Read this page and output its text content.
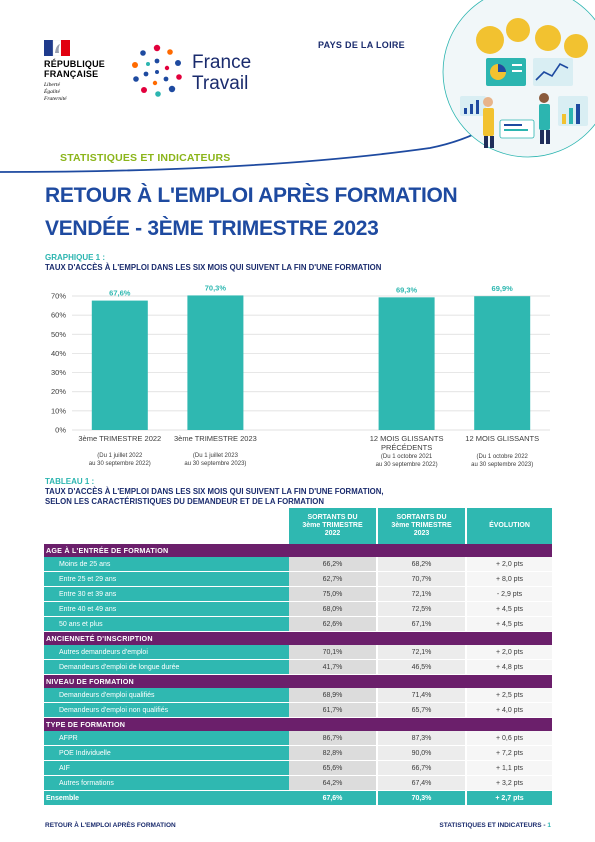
RÉPUBLIQUE
FRANÇAISE
Liberté
Égalité
Fraternité
France
Travail
PAYS DE LA LOIRE
STATISTIQUES ET INDICATEURS
RETOUR À L'EMPLOI APRÈS FORMATION
VENDÉE - 3ÈME TRIMESTRE 2023
GRAPHIQUE 1 :
TAUX D'ACCÈS À L'EMPLOI DANS LES SIX MOIS QUI SUIVENT LA FIN D'UNE FORMATION
0%
10%
20%
30%
40%
50%
60%
70%	67,6%
70,3%	69,3%	69,9%
3ème TRIMESTRE 2022
(Du 1 juillet 2022
au 30 septembre 2022)
3ème TRIMESTRE 2023
(Du 1 juillet 2023
au 30 septembre 2023)
12 MOIS GLISSANTS
PRÉCÉDENTS
(Du 1 octobre 2021
au 30 septembre 2022)
12 MOIS GLISSANTS
(Du 1 octobre 2022
au 30 septembre 2023)
TABLEAU 1 :
TAUX D'ACCÈS À L'EMPLOI DANS LES SIX MOIS QUI SUIVENT LA FIN D'UNE FORMATION,
SELON LES CARACTÉRISTIQUES DU DEMANDEUR ET DE LA FORMATION
SORTANTS DU
3ème TRIMESTRE
2022
SORTANTS DU
3ème TRIMESTRE
2023
ÉVOLUTION
AGE À L'ENTRÉE DE FORMATION
Moins de 25 ans	66,2%	68,2%	+ 2,0 pts
Entre 25 et 29 ans	62,7%	70,7%	+ 8,0 pts
Entre 30 et 39 ans	75,0%	72,1%	- 2,9 pts
Entre 40 et 49 ans	68,0%	72,5%	+ 4,5 pts
50 ans et plus	62,6%	67,1%	+ 4,5 pts
ANCIENNETÉ D'INSCRIPTION
Autres demandeurs d'emploi	70,1%	72,1%	+ 2,0 pts
Demandeurs d'emploi de longue durée	41,7%	46,5%	+ 4,8 pts
NIVEAU DE FORMATION
Demandeurs d'emploi qualifiés	68,9%	71,4%	+ 2,5 pts
Demandeurs d'emploi non qualifiés	61,7%	65,7%	+ 4,0 pts
TYPE DE FORMATION
AFPR	86,7%	87,3%	+ 0,6 pts
POE Individuelle	82,8%	90,0%	+ 7,2 pts
AIF	65,6%	66,7%	+ 1,1 pts
Autres formations	64,2%	67,4%	+ 3,2 pts
Ensemble	67,6%	70,3%	+ 2,7 pts
RETOUR À L'EMPLOI APRÈS FORMATION	STATISTIQUES ET INDICATEURS - 1
